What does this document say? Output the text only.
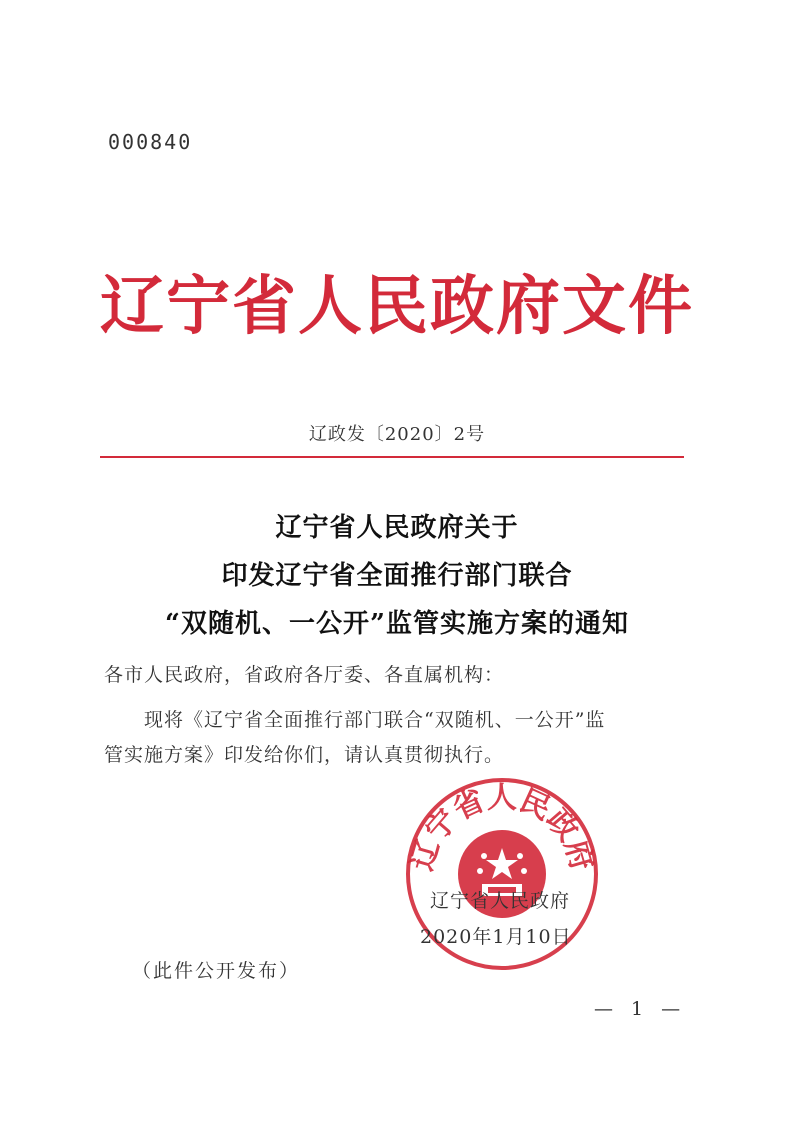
000840
辽宁省人民政府文件
辽政发〔2020〕2号
辽宁省人民政府关于
印发辽宁省全面推行部门联合
“双随机、一公开”监管实施方案的通知
各市人民政府，省政府各厅委、各直属机构：
现将《辽宁省全面推行部门联合“双随机、一公开”监
管实施方案》印发给你们，请认真贯彻执行。
辽宁省人民政府
辽宁省人民政府
2020年1月10日
（此件公开发布）
— 1 —
